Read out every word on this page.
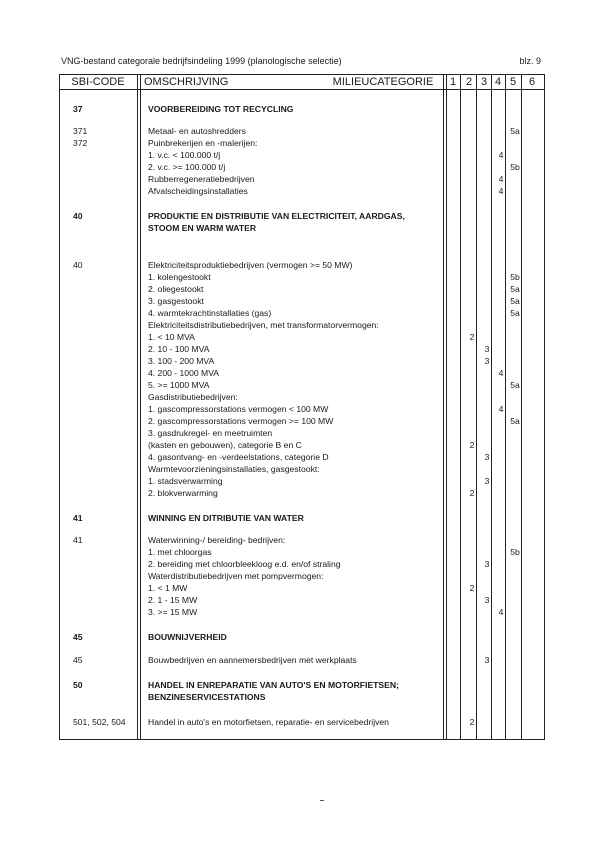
VNG-bestand categorale bedrijfsindeling 1999 (planologische selectie)	blz. 9
SBI-CODE	OMSCHRIJVING	MILIEUCATEGORIE	1 2 3 4 5	6
37	VOORBEREIDING TOT RECYCLING
371	Metaal- en autoshredders	5a
372	Puinbrekerijen en -malerijen:
1. v.c. < 100.000 t/j	4
2. v.c. >= 100.000 t/j	5b
Rubberregeneratiebedrijven	4
Afvalscheidingsinstallaties	4
40	PRODUKTIE EN DISTRIBUTIE VAN ELECTRICITEIT, AARDGAS,
STOOM EN WARM WATER
40	Elektriciteitsproduktiebedrijven (vermogen >= 50 MW)
1. kolengestookt	5b
2. oliegestookt	5a
3. gasgestookt	5a
4. warmtekrachtinstallaties (gas)	5a
Elektriciteitsdistributiebedrijven, met transformatorvermogen:
1. < 10 MVA	2
2. 10 - 100 MVA	3
3. 100 - 200 MVA	3
4. 200 - 1000 MVA	4
5. >= 1000 MVA	5a
Gasdistributiebedrijven:
1. gascompressorstations vermogen < 100 MW	4
2. gascompressorstations vermogen >= 100 MW	5a
3. gasdrukregel- en meetruimten
(kasten en gebouwen), categorie B en C	2
4. gasontvang- en -verdeelstations, categorie D	3
Warmtevoorzieningsinstallaties, gasgestookt:
1. stadsverwarming	3
2. blokverwarming	2
41	WINNING EN DITRIBUTIE VAN WATER
41	Waterwinning-/ bereiding- bedrijven:
1. met chloorgas	5b
2. bereiding met chloorbleekloog e.d. en/of straling	3
Waterdistributiebedrijven met pompvermogen:
1. < 1 MW	2
2. 1 - 15 MW	3
3. >= 15 MW	4
45	BOUWNIJVERHEID
45	Bouwbedrijven en aannemersbedrijven met werkplaats	3
50	HANDEL IN ENREPARATIE VAN AUTO'S EN MOTORFIETSEN;
BENZINESERVICESTATIONS
501, 502, 504	Handel in auto's en motorfietsen, reparatie- en servicebedrijven	2
